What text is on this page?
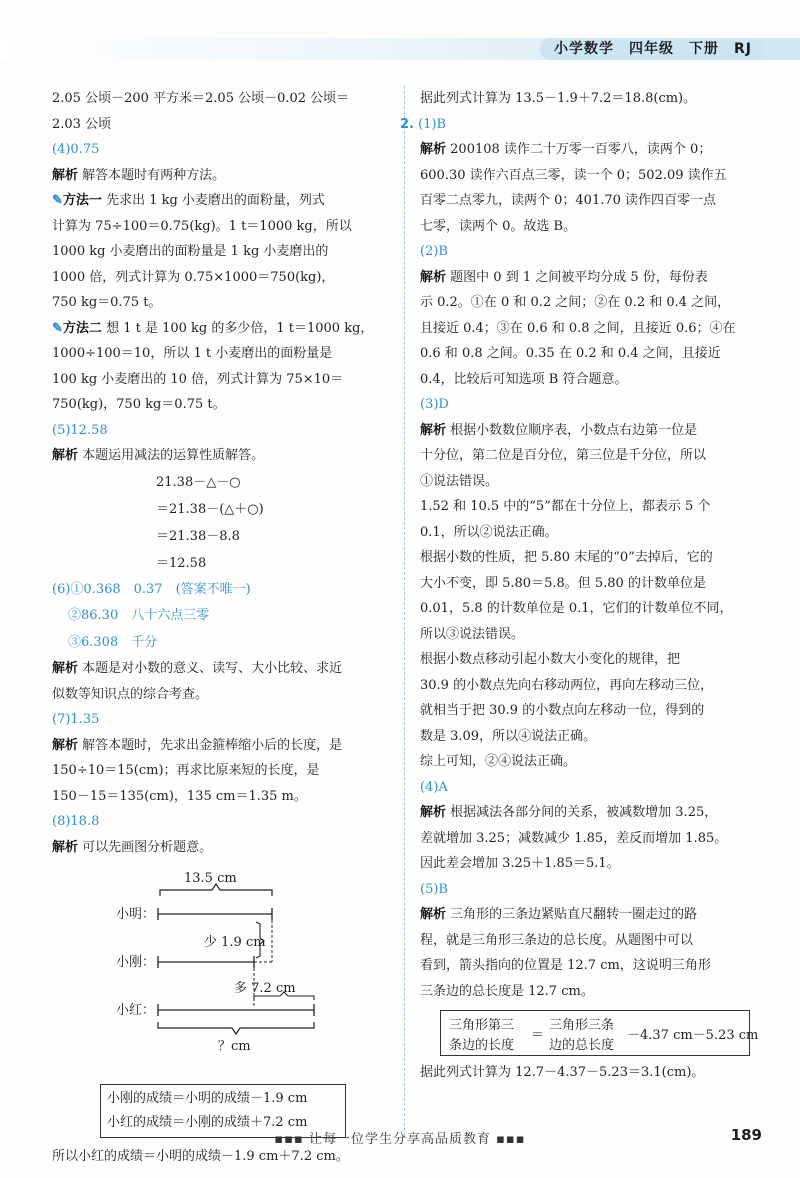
小学数学　四年级　下册　RJ

2.05 公顷－200 平方米＝2.05 公顷－0.02 公顷＝

2.03 公顷

(4)0.75

解析 解答本题时有两种方法。

✎方法一 先求出 1 kg 小麦磨出的面粉量，列式

计算为 75÷100＝0.75(kg)。1 t＝1000 kg，所以

1000 kg 小麦磨出的面粉量是 1 kg 小麦磨出的

1000 倍，列式计算为 0.75×1000＝750(kg)，

750 kg＝0.75 t。

✎方法二 想 1 t 是 100 kg 的多少倍，1 t＝1000 kg，

1000÷100＝10，所以 1 t 小麦磨出的面粉量是

100 kg 小麦磨出的 10 倍，列式计算为 75×10＝

750(kg)，750 kg＝0.75 t。

(5)12.58

解析 本题运用减法的运算性质解答。

21.38－△－○

＝21.38－(△＋○)

＝21.38－8.8

＝12.58

(6)①0.368　0.37　(答案不唯一)

②86.30　八十六点三零

③6.308　千分

解析 本题是对小数的意义、读写、大小比较、求近

似数等知识点的综合考查。

(7)1.35

解析 解答本题时，先求出金箍棒缩小后的长度，是

150÷10＝15(cm)；再求比原来短的长度，是

150－15＝135(cm)，135 cm＝1.35 m。

(8)18.8

解析 可以先画图分析题意。

13.5 cm
小明：
少 1.9 cm
小刚：
多 7.2 cm
小红：
？cm

小刚的成绩＝小明的成绩－1.9 cm

小红的成绩＝小刚的成绩＋7.2 cm

所以小红的成绩＝小明的成绩－1.9 cm＋7.2 cm。

据此列式计算为 13.5－1.9＋7.2＝18.8(cm)。

2. (1)B

解析 200108 读作二十万零一百零八，读两个 0；

600.30 读作六百点三零，读一个 0；502.09 读作五

百零二点零九，读两个 0；401.70 读作四百零一点

七零，读两个 0。故选 B。

(2)B

解析 题图中 0 到 1 之间被平均分成 5 份，每份表

示 0.2。①在 0 和 0.2 之间；②在 0.2 和 0.4 之间，

且接近 0.4；③在 0.6 和 0.8 之间，且接近 0.6；④在

0.6 和 0.8 之间。0.35 在 0.2 和 0.4 之间，且接近

0.4，比较后可知选项 B 符合题意。

(3)D

解析 根据小数数位顺序表，小数点右边第一位是

十分位，第二位是百分位，第三位是千分位，所以

①说法错误。

1.52 和 10.5 中的“5”都在十分位上，都表示 5 个

0.1，所以②说法正确。

根据小数的性质，把 5.80 末尾的“0”去掉后，它的

大小不变，即 5.80＝5.8。但 5.80 的计数单位是

0.01，5.8 的计数单位是 0.1，它们的计数单位不同，

所以③说法错误。

根据小数点移动引起小数大小变化的规律，把

30.9 的小数点先向右移动两位，再向左移动三位，

就相当于把 30.9 的小数点向左移动一位，得到的

数是 3.09，所以④说法正确。

综上可知，②④说法正确。

(4)A

解析 根据减法各部分间的关系，被减数增加 3.25，

差就增加 3.25；减数减少 1.85，差反而增加 1.85。

因此差会增加 3.25＋1.85＝5.1。

(5)B

解析 三角形的三条边紧贴直尺翻转一圈走过的路

程，就是三角形三条边的总长度。从题图中可以

看到，箭头指向的位置是 12.7 cm，这说明三角形

三条边的总长度是 12.7 cm。

三角形第三
条边的长度
＝
三角形三条
边的总长度
－4.37 cm－5.23 cm

据此列式计算为 12.7－4.37－5.23＝3.1(cm)。

▪▪▪ 让每一位学生分享高品质教育 ▪▪▪	189
